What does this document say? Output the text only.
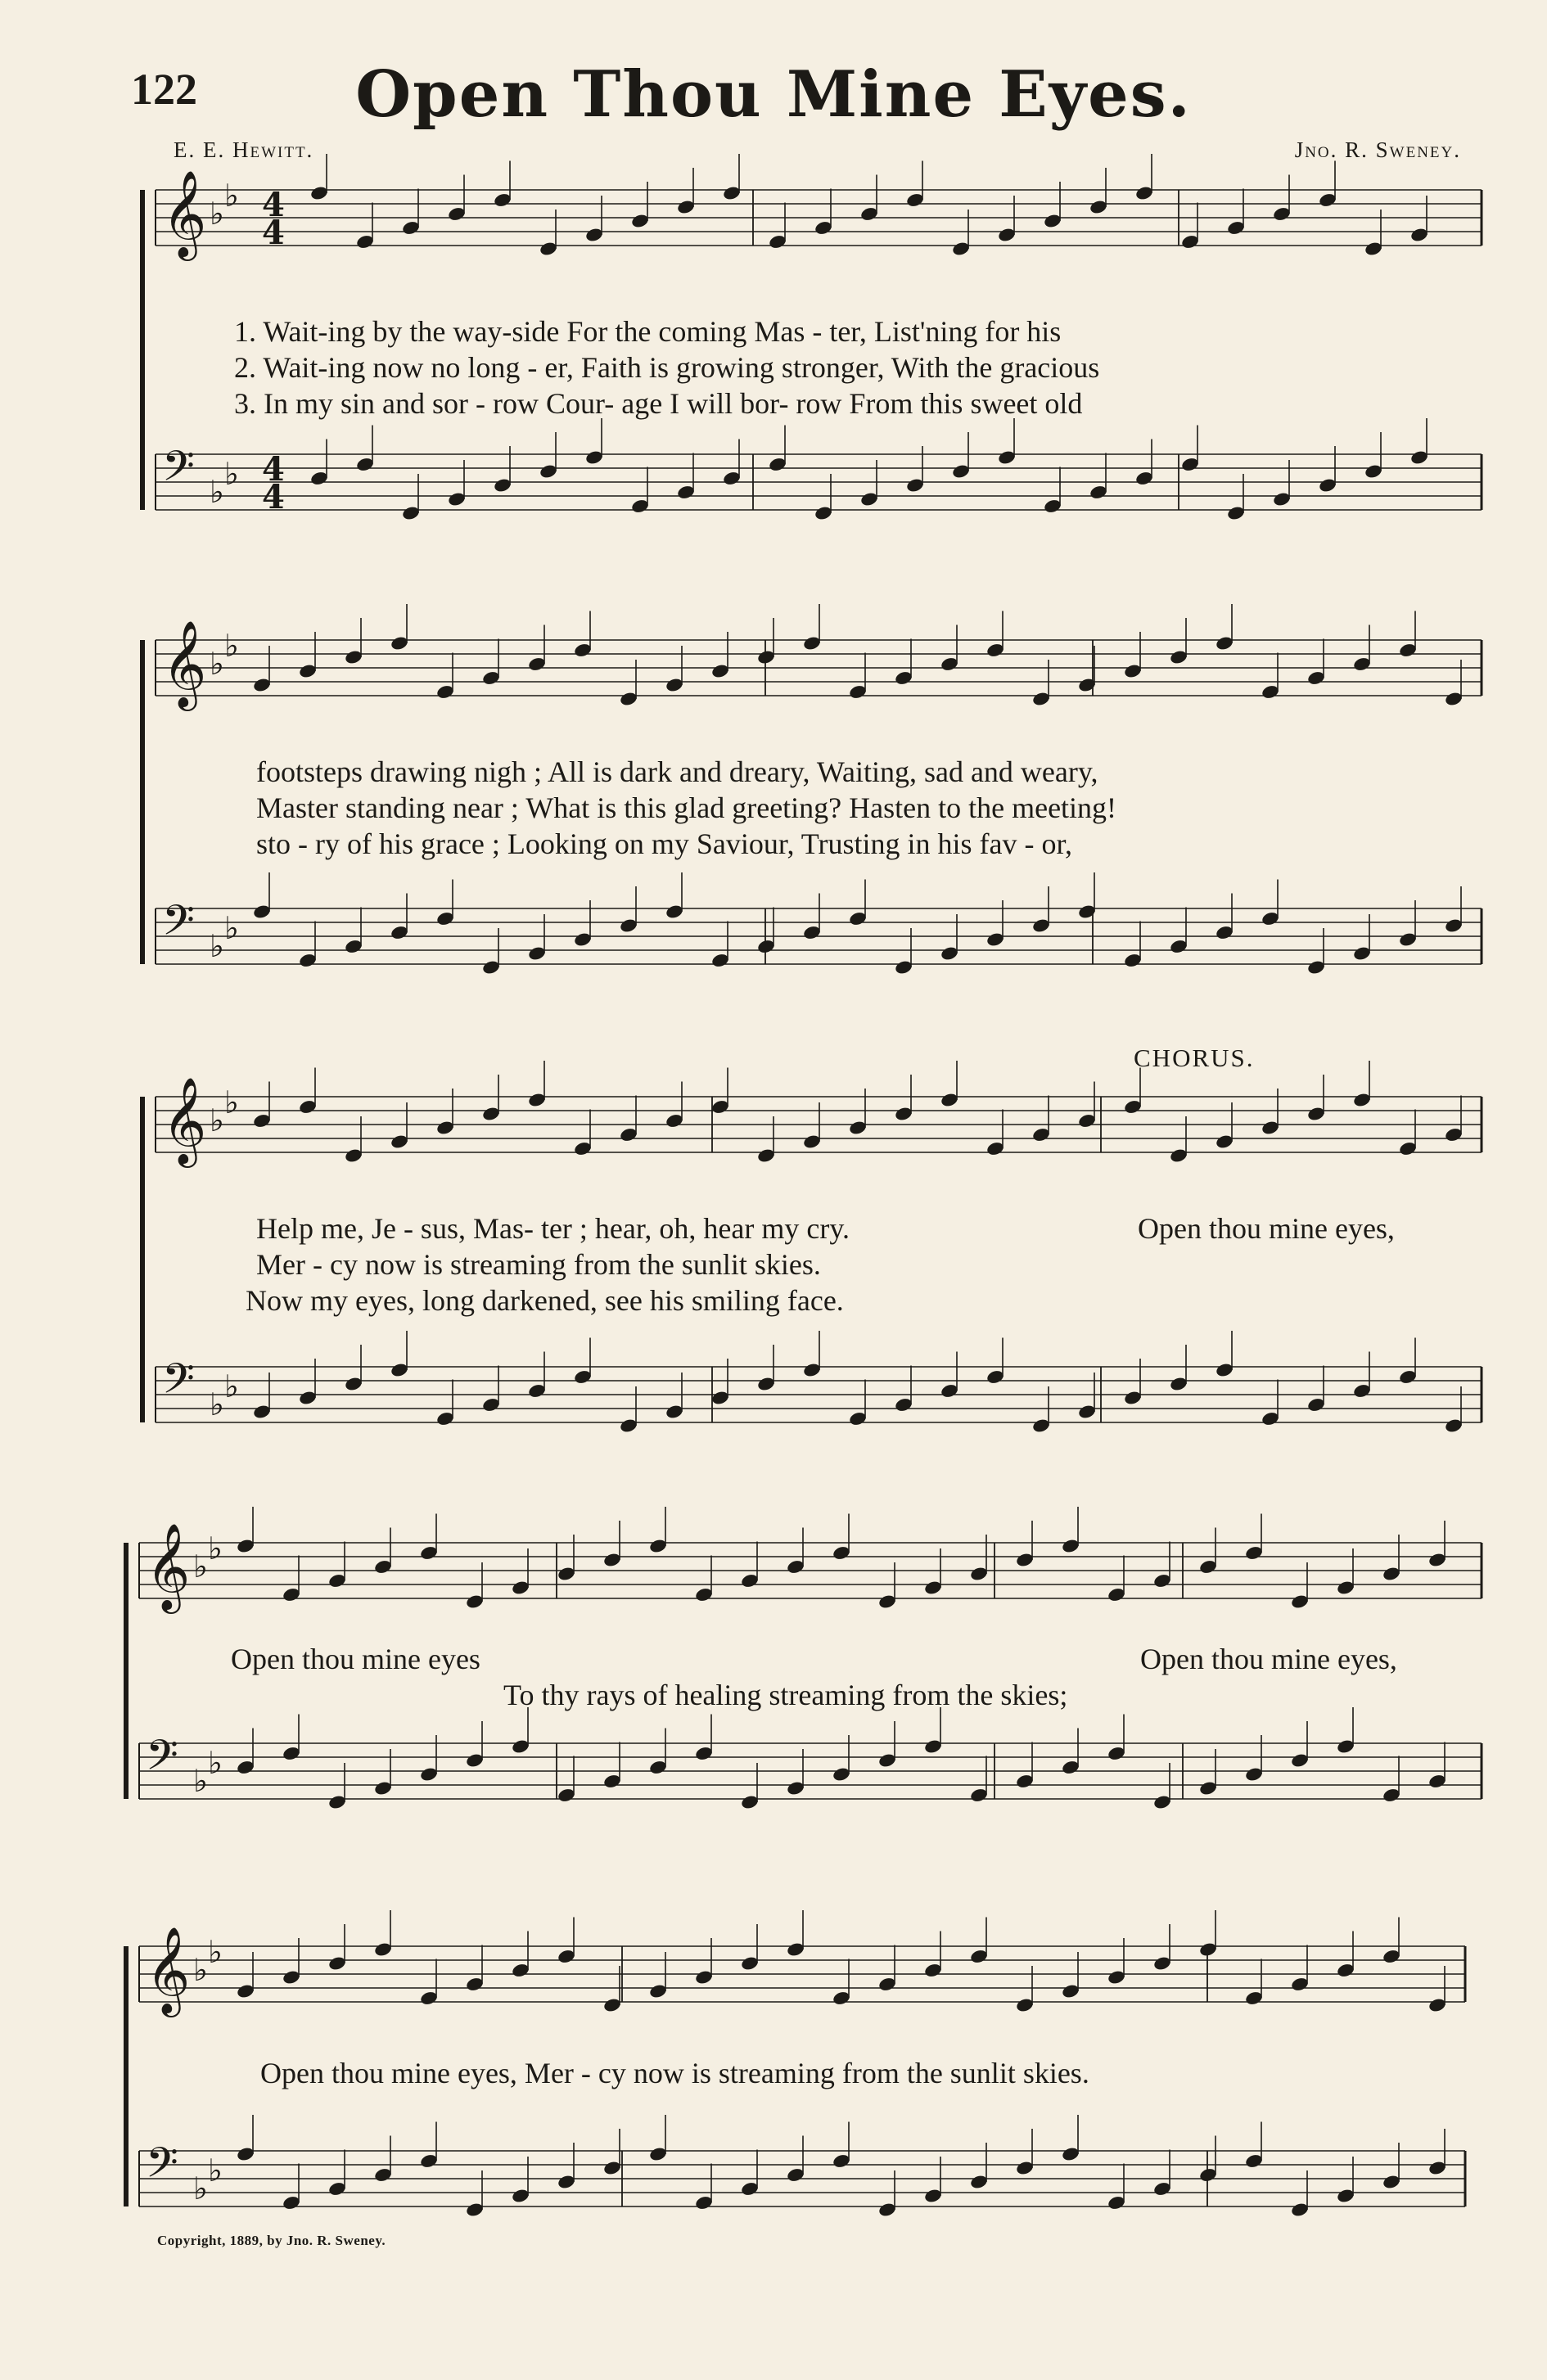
122	Open Thou Mine Eyes.
E. E. Hewitt.	Jno. R. Sweney.
𝄞 ♭ ♭
𝄢 ♭ ♭
𝄞 ♭ ♭
𝄢 ♭ ♭
𝄞 ♭ ♭
𝄢 ♭ ♭
𝄞 ♭ ♭
𝄢 ♭ ♭
𝄞 ♭ ♭
𝄢 ♭ ♭
4
4
4
4
CHORUS.
1. Wait-ing by the way-side For the coming Mas - ter, List'ning for his
2. Wait-ing now no long - er, Faith is growing stronger, With the gracious
3. In my sin and sor - row Cour- age I will bor- row From this sweet old
footsteps drawing nigh ; All is dark and dreary, Waiting, sad and weary,
Master standing near ; What is this glad greeting? Hasten to the meeting!
sto - ry of his grace ; Looking on my Saviour, Trusting in his fav - or,
Help me, Je - sus, Mas- ter ; hear, oh, hear my cry.
Mer - cy now is streaming from the sunlit skies.
Now my eyes, long darkened, see his smiling face.
Open thou mine eyes,
Open thou mine eyes	Open thou mine eyes,
To thy rays of healing streaming from the skies;
Open thou mine eyes, Mer - cy now is streaming from the sunlit skies.
Copyright, 1889, by Jno. R. Sweney.
